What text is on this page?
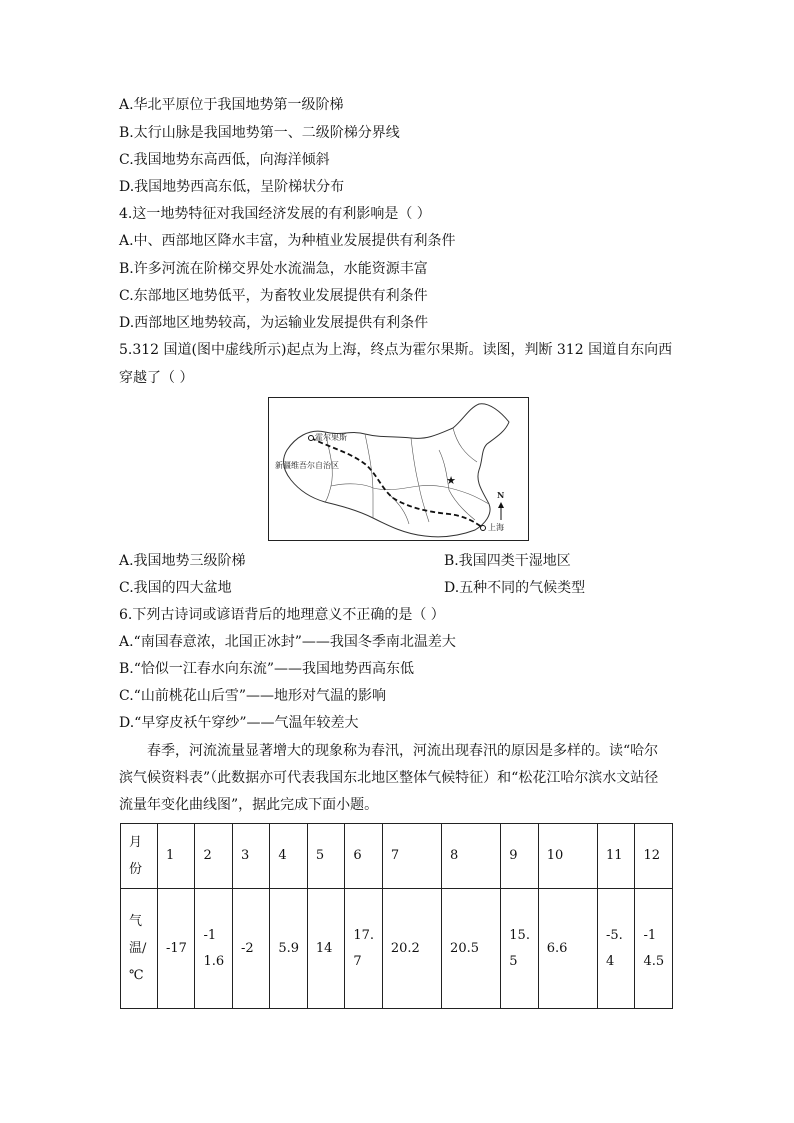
A.华北平原位于我国地势第一级阶梯
B.太行山脉是我国地势第一、二级阶梯分界线
C.我国地势东高西低，向海洋倾斜
D.我国地势西高东低，呈阶梯状分布
4.这一地势特征对我国经济发展的有利影响是（ ）
A.中、西部地区降水丰富，为种植业发展提供有利条件
B.许多河流在阶梯交界处水流湍急，水能资源丰富
C.东部地区地势低平，为畜牧业发展提供有利条件
D.西部地区地势较高，为运输业发展提供有利条件
5.312 国道(图中虚线所示)起点为上海，终点为霍尔果斯。读图，判断 312 国道自东向西
穿越了（ ）
★
霍尔果斯
新疆维吾尔自治区
上海
N
A.我国地势三级阶梯	B.我国四类干湿地区
C.我国的四大盆地	D.五种不同的气候类型
6.下列古诗词或谚语背后的地理意义不正确的是（ ）
A.“南国春意浓，北国正冰封”——我国冬季南北温差大
B.“恰似一江春水向东流”——我国地势西高东低
C.“山前桃花山后雪”——地形对气温的影响
D.“早穿皮袄午穿纱”——气温年较差大
春季，河流流量显著增大的现象称为春汛，河流出现春汛的原因是多样的。读“哈尔
滨气候资料表”（此数据亦可代表我国东北地区整体气候特征）和“松花江哈尔滨水文站径
流量年变化曲线图”，据此完成下面小题。
月份	1	2	3	4	5	6	7	8	9	10	11	12

气温/℃	-17	-11.6	-2	5.9	14	17.7	20.2	20.5	15.5	6.6	-5.4	-14.5
